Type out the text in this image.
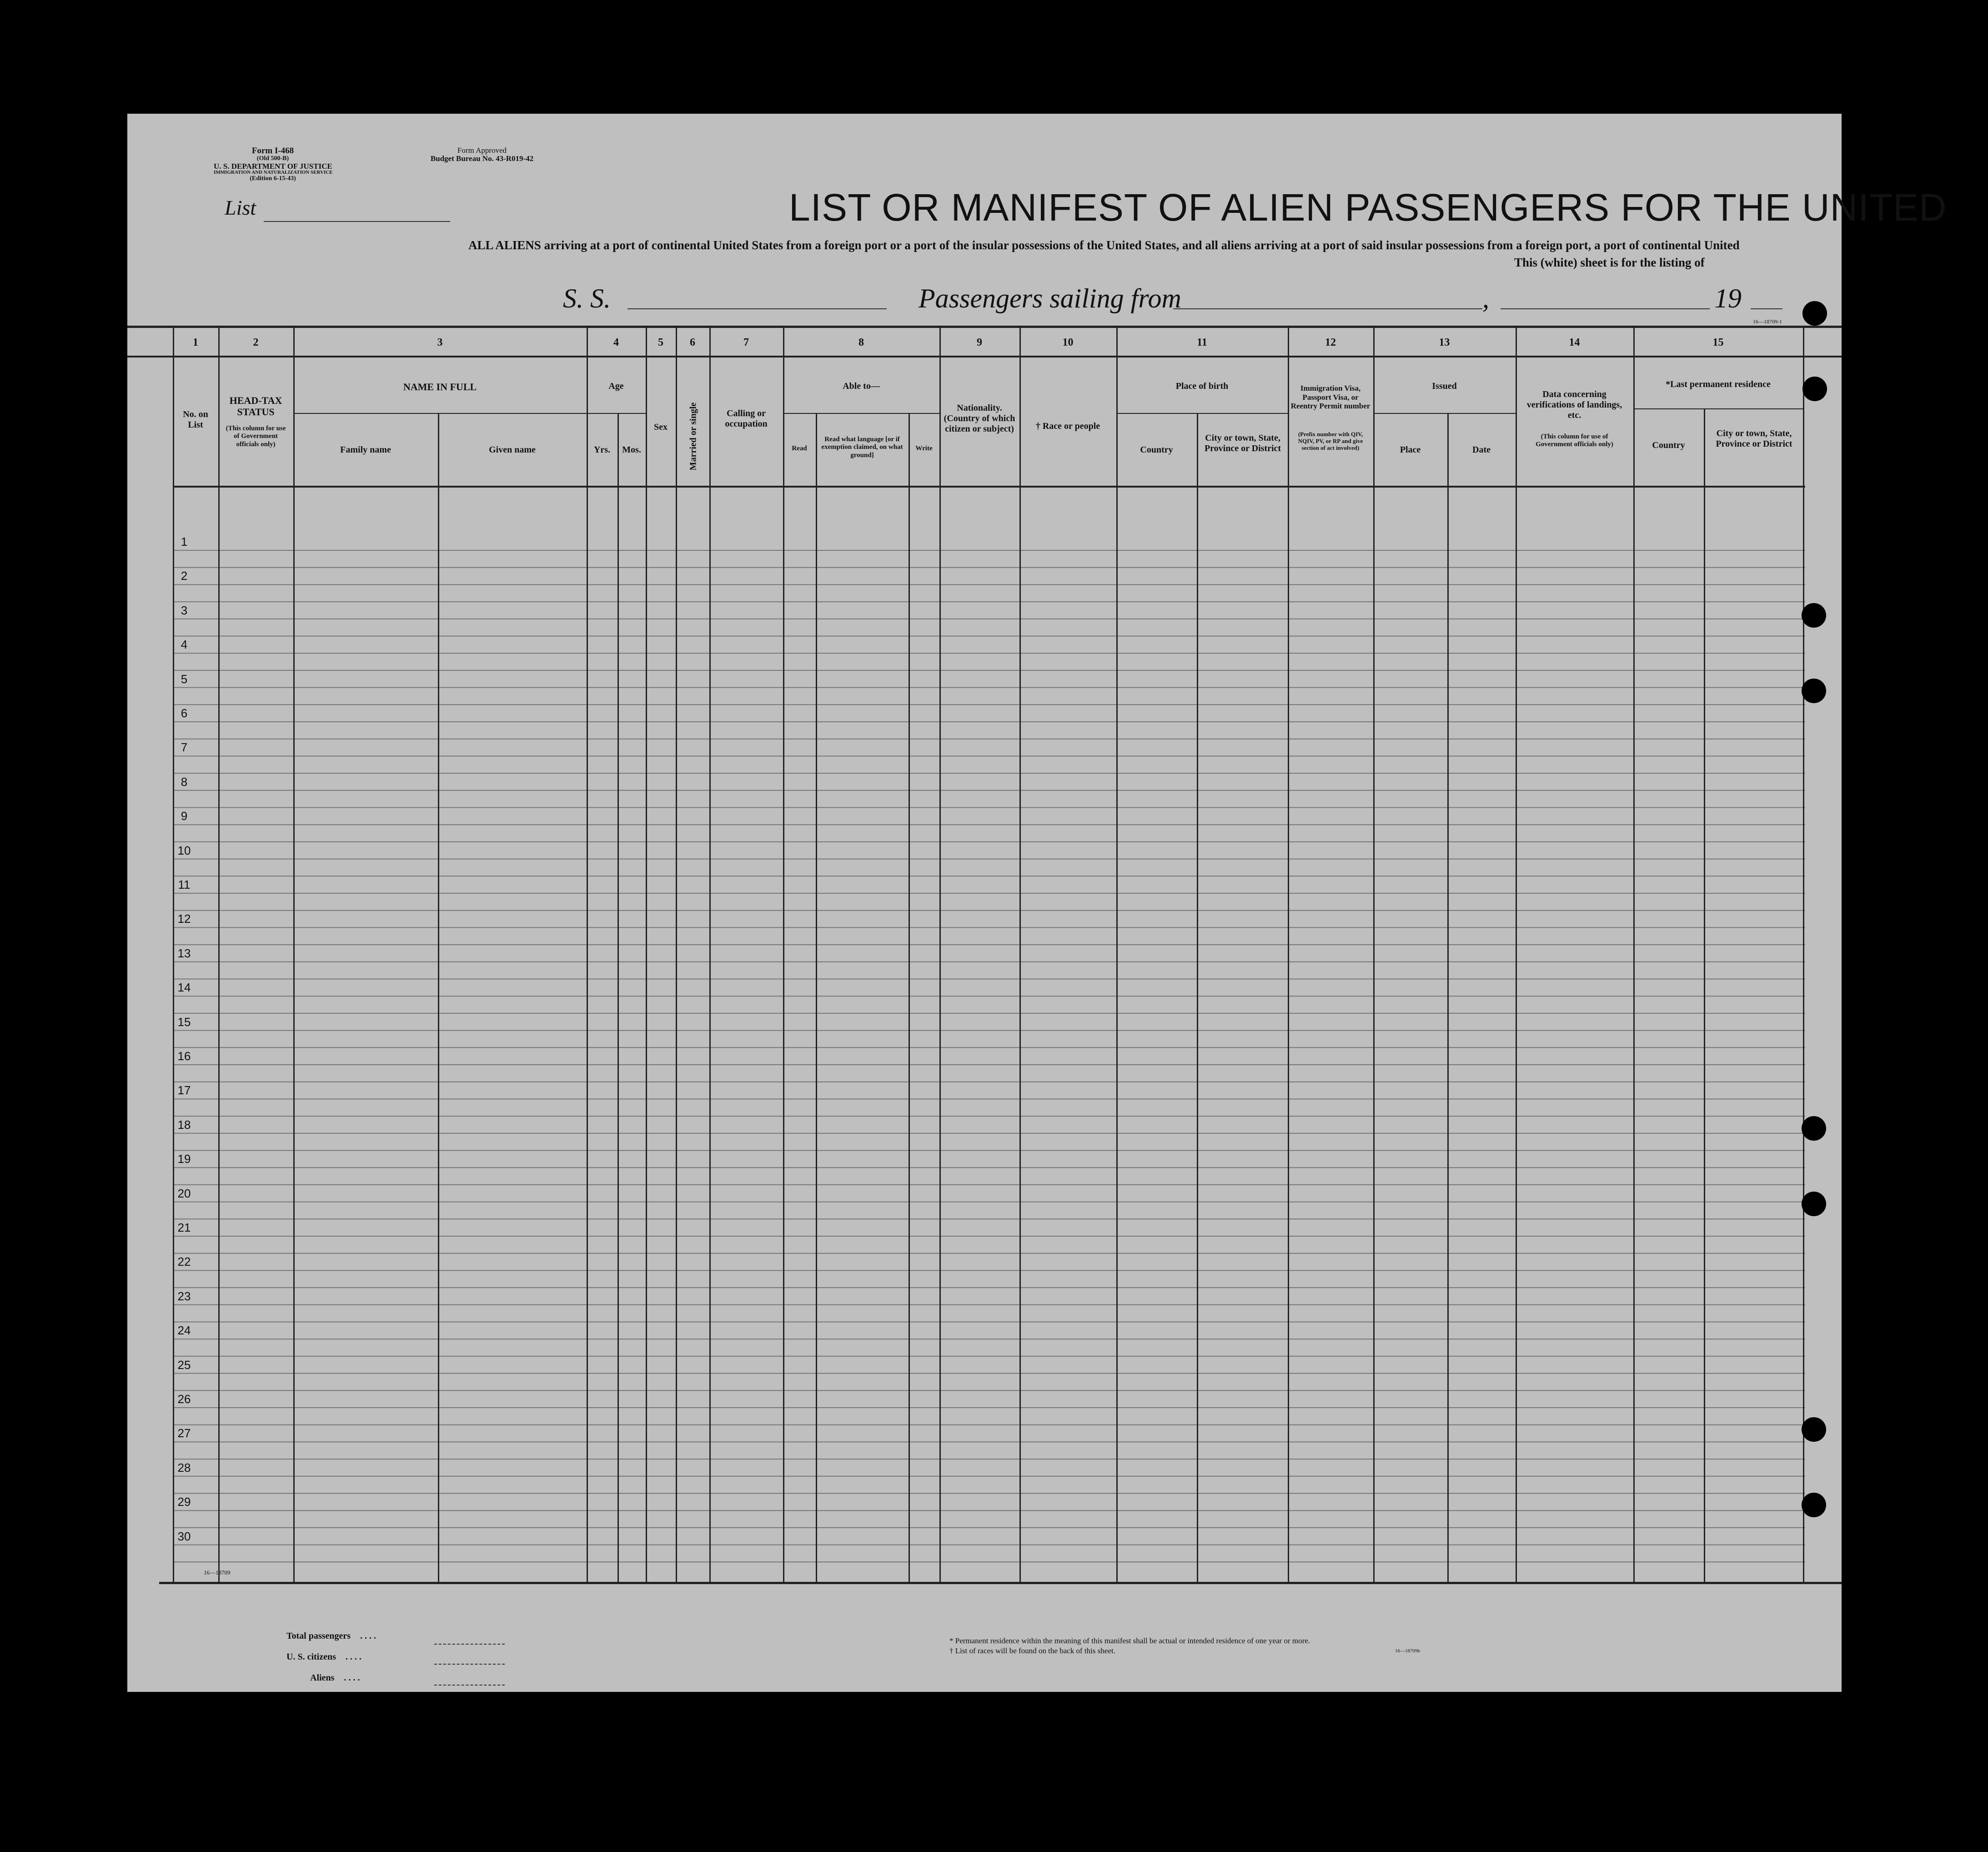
Form I-468
(Old 500-B)
U. S. DEPARTMENT OF JUSTICE
IMMIGRATION AND NATURALIZATION SERVICE
(Edition 6-15-43)
Form Approved
Budget Bureau No. 43-R019-42
List	LIST OR MANIFEST OF ALIEN PASSENGERS FOR THE UNITED
ALL ALIENS arriving at a port of continental United States from a foreign port or a port of the insular possessions of the United States, and all aliens arriving at a port of said insular possessions from a foreign port, a port of continental United
This (white) sheet is for the listing of
S. S.	Passengers sailing from	,	19
16—18709-1
1	2	3	4	5	6	7	8	9	10	11	12	13	14	15
No. on List
HEAD-TAX STATUS
(This column for use of Government officials only)
NAME IN FULL
Family name	Given name
Age
Yrs.	Mos.
Sex	Married or single	Calling or occupation
Able to—
Read
Read what language [or if exemption claimed, on what ground]
Write
Nationality. (Country of which citizen or subject)	† Race or people
Place of birth
Country
City or town, State, Province or District
Immigration Visa, Passport Visa, or Reentry Permit number
(Prefix number with QIV, NQIV, PV, or RP and give section of act involved)
Issued
Place	Date
Data concerning verifications of landings, etc.
(This column for use of Government officials only)
*Last permanent residence
Country
City or town, State, Province or District
1
2
3
4
5
6
7
8
9
10
11
12
13
14
15
16
17
18
19
20
21
22
23
24
25
26
27
28
29
30
16—18709
Total passengers . . . .
U. S. citizens . . . .
Aliens . . . .
* Permanent residence within the meaning of this manifest shall be actual or intended residence of one year or more.
† List of races will be found on the back of this sheet.	16—18709b
